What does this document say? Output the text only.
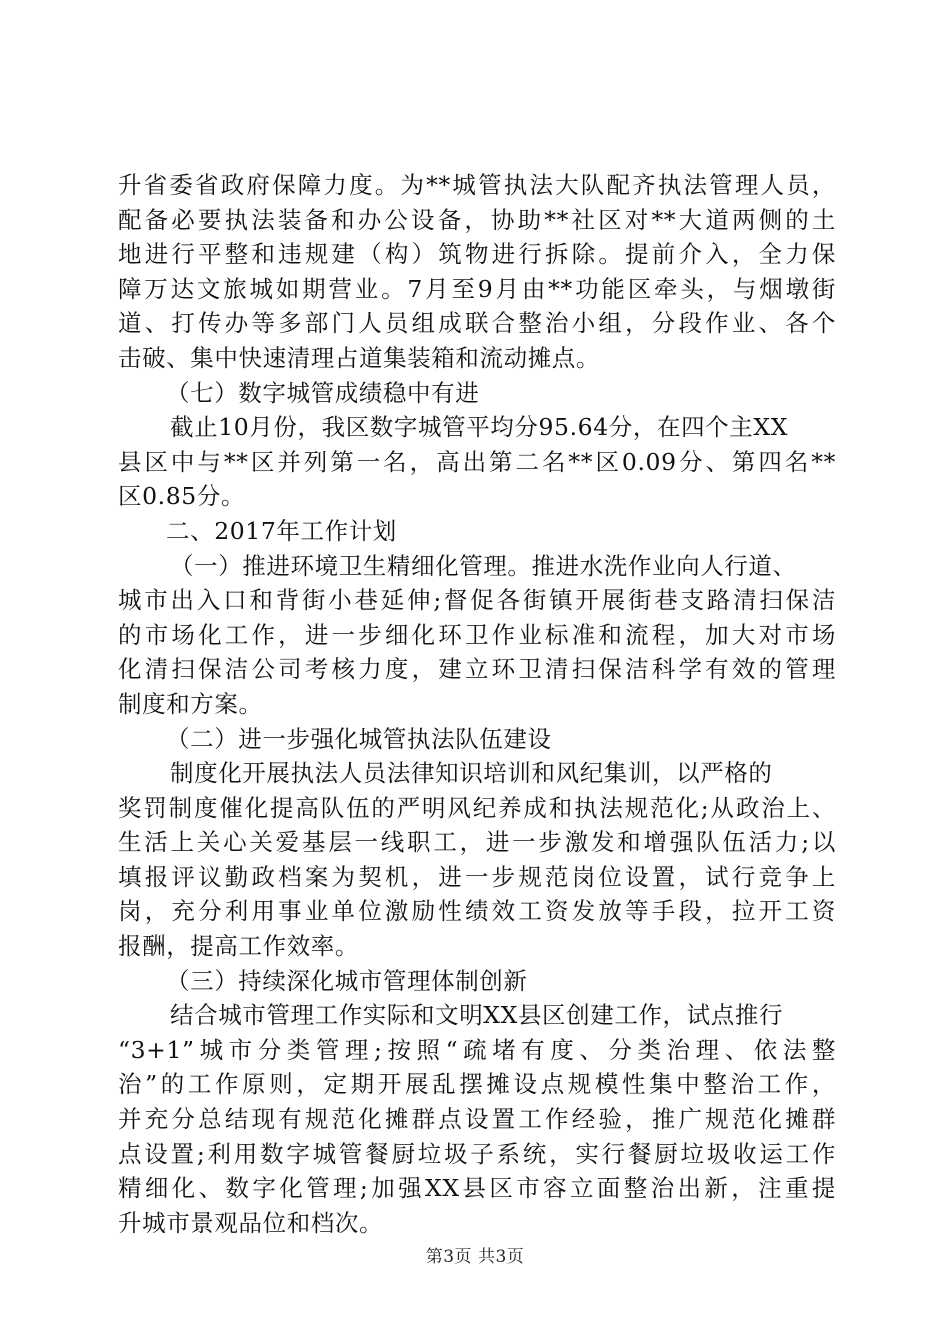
升省委省政府保障力度。为**城管执法大队配齐执法管理人员，
配备必要执法装备和办公设备，协助**社区对**大道两侧的土
地进行平整和违规建（构）筑物进行拆除。提前介入，全力保
障万达文旅城如期营业。7月至9月由**功能区牵头，与烟墩街
道、打传办等多部门人员组成联合整治小组，分段作业、各个
击破、集中快速清理占道集装箱和流动摊点。
（七）数字城管成绩稳中有进
截止10月份，我区数字城管平均分95.64分，在四个主XX
县区中与**区并列第一名，高出第二名**区0.09分、第四名**
区0.85分。
二、2017年工作计划
（一）推进环境卫生精细化管理。推进水洗作业向人行道、
城市出入口和背街小巷延伸;督促各街镇开展街巷支路清扫保洁
的市场化工作，进一步细化环卫作业标准和流程，加大对市场
化清扫保洁公司考核力度，建立环卫清扫保洁科学有效的管理
制度和方案。
（二）进一步强化城管执法队伍建设
制度化开展执法人员法律知识培训和风纪集训，以严格的
奖罚制度催化提高队伍的严明风纪养成和执法规范化;从政治上、
生活上关心关爱基层一线职工，进一步激发和增强队伍活力;以
填报评议勤政档案为契机，进一步规范岗位设置，试行竞争上
岗，充分利用事业单位激励性绩效工资发放等手段，拉开工资
报酬，提高工作效率。
（三）持续深化城市管理体制创新
结合城市管理工作实际和文明XX县区创建工作，试点推行
“3+1”城市分类管理;按照“疏堵有度、分类治理、依法整
治”的工作原则，定期开展乱摆摊设点规模性集中整治工作，
并充分总结现有规范化摊群点设置工作经验，推广规范化摊群
点设置;利用数字城管餐厨垃圾子系统，实行餐厨垃圾收运工作
精细化、数字化管理;加强XX县区市容立面整治出新，注重提
升城市景观品位和档次。
第3页 共3页
